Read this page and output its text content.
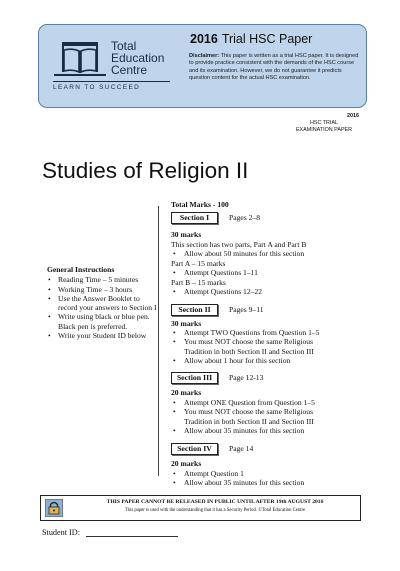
Total
Education
Centre
LEARN TO SUCCEED
2016 Trial HSC Paper
Disclaimer: This paper is written as a trial HSC paper. It is designed to provide practice consistent with the demands of the HSC course and its examination. However, we do not guarantee it predicts question content for the actual HSC examination.
2016
HSC TRIAL
EXAMINATION PAPER
Studies of Religion II
General Instructions
• Reading Time – 5 minutes
• Working Time – 3 hours
• Use the Answer Booklet to record your answers to Section I
• Write using black or blue pen. Black pen is preferred.
• Write your Student ID below
Total Marks - 100
Section I	Pages 2–8
30 marks
This section has two parts, Part A and Part B
• Allow about 50 minutes for this section
Part A – 15 marks
• Attempt Questions 1–11
Part B – 15 marks
• Attempt Questions 12–22
Section II	Pages 9–11
30 marks
• Attempt TWO Questions from Question 1–5
• You must NOT choose the same Religious
Tradition in both Section II and Section III
• Allow about 1 hour for this section
Section III	Page 12-13
20 marks
• Attempt ONE Question from Question 1–5
• You must NOT choose the same Religious
Tradition in both Section II and Section III
• Allow about 35 minutes for this section
Section IV	Page 14
20 marks
• Attempt Question 1
• Allow about 35 minutes for this section
THIS PAPER CANNOT BE RELEASED IN PUBLIC UNTIL AFTER 19th AUGUST 2016
This paper is used with the understanding that it has a Security Period. ©Total Education Centre
Student ID:
